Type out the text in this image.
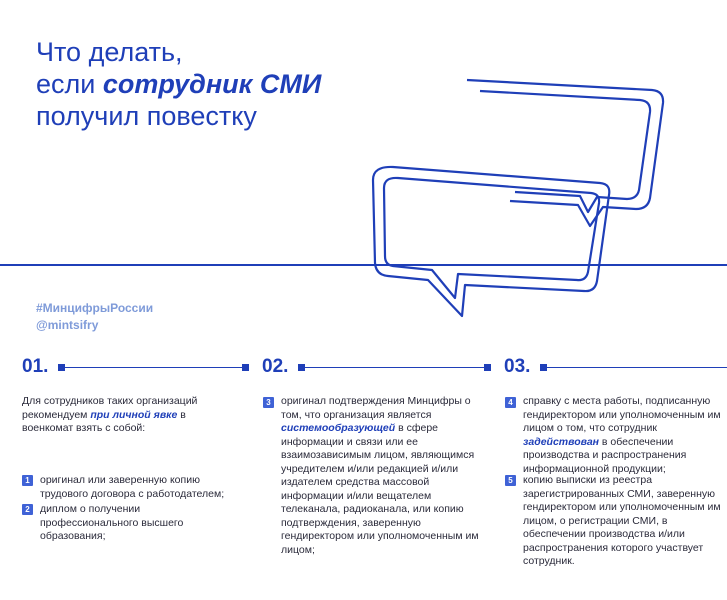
Что делать,
если сотрудник СМИ
получил повестку
#МинцифрыРоссии
@mintsifry
01.	02.	03.
Для сотрудников таких организаций рекомендуем при личной явке в военкомат взять с собой:
1 оригинал или заверенную копию трудового договора с работодателем;
2 диплом о получении профессионального высшего образования;
3 оригинал подтверждения Минцифры о том, что организация является системообразующей в сфере информации и связи или ее взаимозависимым лицом, являющимся учредителем и/или редакцией и/или издателем средства массовой информации и/или вещателем телеканала, радиоканала, или копию подтверждения, заверенную гендиректором или уполномоченным им лицом;
4 справку с места работы, подписанную гендиректором или уполномоченным им лицом о том, что сотрудник задействован в обеспечении производства и распространения информационной продукции;
5 копию выписки из реестра зарегистрированных СМИ, заверенную гендиректором или уполномоченным им лицом, о регистрации СМИ, в обеспечении производства и/или распространения которого участвует сотрудник.
